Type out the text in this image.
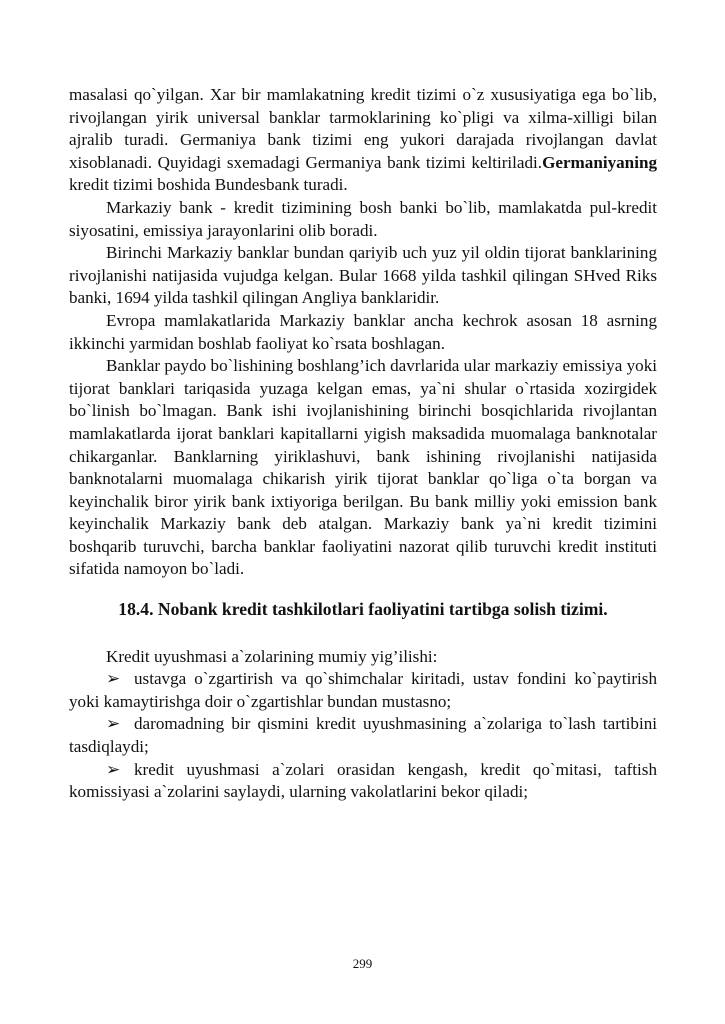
masalasi qo`yilgan. Xar bir mamlakatning kredit tizimi o`z xususiyatiga ega bo`lib, rivojlangan yirik universal banklar tarmoklarining ko`pligi va xilma-xilligi bilan ajralib turadi. Germaniya bank tizimi eng yukori darajada rivojlangan davlat xisoblanadi. Quyidagi sxemadagi Germaniya bank tizimi keltiriladi.Germaniyaning kredit tizimi boshida Bundesbank turadi.

Markaziy bank - kredit tizimining bosh banki bo`lib, mamlakatda pul-kredit siyosatini, emissiya jarayonlarini olib boradi.

Birinchi Markaziy banklar bundan qariyib uch yuz yil oldin tijorat banklarining rivojlanishi natijasida vujudga kelgan. Bular 1668 yilda tashkil qilingan SHved Riks banki, 1694 yilda tashkil qilingan Angliya banklaridir.

Evropa mamlakatlarida Markaziy banklar ancha kechrok asosan 18 asrning ikkinchi yarmidan boshlab faoliyat ko`rsata boshlagan.

Banklar paydo bo`lishining boshlang’ich davrlarida ular markaziy emissiya yoki tijorat banklari tariqasida yuzaga kelgan emas, ya`ni shular o`rtasida xozirgidek bo`linish bo`lmagan. Bank ishi ivojlanishining birinchi bosqichlarida rivojlantan mamlakatlarda ijorat banklari kapitallarni yigish maksadida muomalaga banknotalar chikarganlar. Banklarning yiriklashuvi, bank ishining rivojlanishi natijasida banknotalarni muomalaga chikarish yirik tijorat banklar qo`liga o`ta borgan va keyinchalik biror yirik bank ixtiyoriga berilgan. Bu bank milliy yoki emission bank keyinchalik Markaziy bank deb atalgan. Markaziy bank ya`ni kredit tizimini boshqarib turuvchi, barcha banklar faoliyatini nazorat qilib turuvchi kredit instituti sifatida namoyon bo`ladi.

18.4. Nobank kredit tashkilotlari faoliyatini tartibga solish tizimi.

Kredit uyushmasi a`zolarining mumiy yig’ilishi:

➢ ustavga o`zgartirish va qo`shimchalar kiritadi, ustav fondini ko`paytirish yoki kamaytirishga doir o`zgartishlar bundan mustasno;

➢ daromadning bir qismini kredit uyushmasining a`zolariga to`lash tartibini tasdiqlaydi;

➢ kredit uyushmasi a`zolari orasidan kengash, kredit qo`mitasi, taftish komissiyasi a`zolarini saylaydi, ularning vakolatlarini bekor qiladi;

299
